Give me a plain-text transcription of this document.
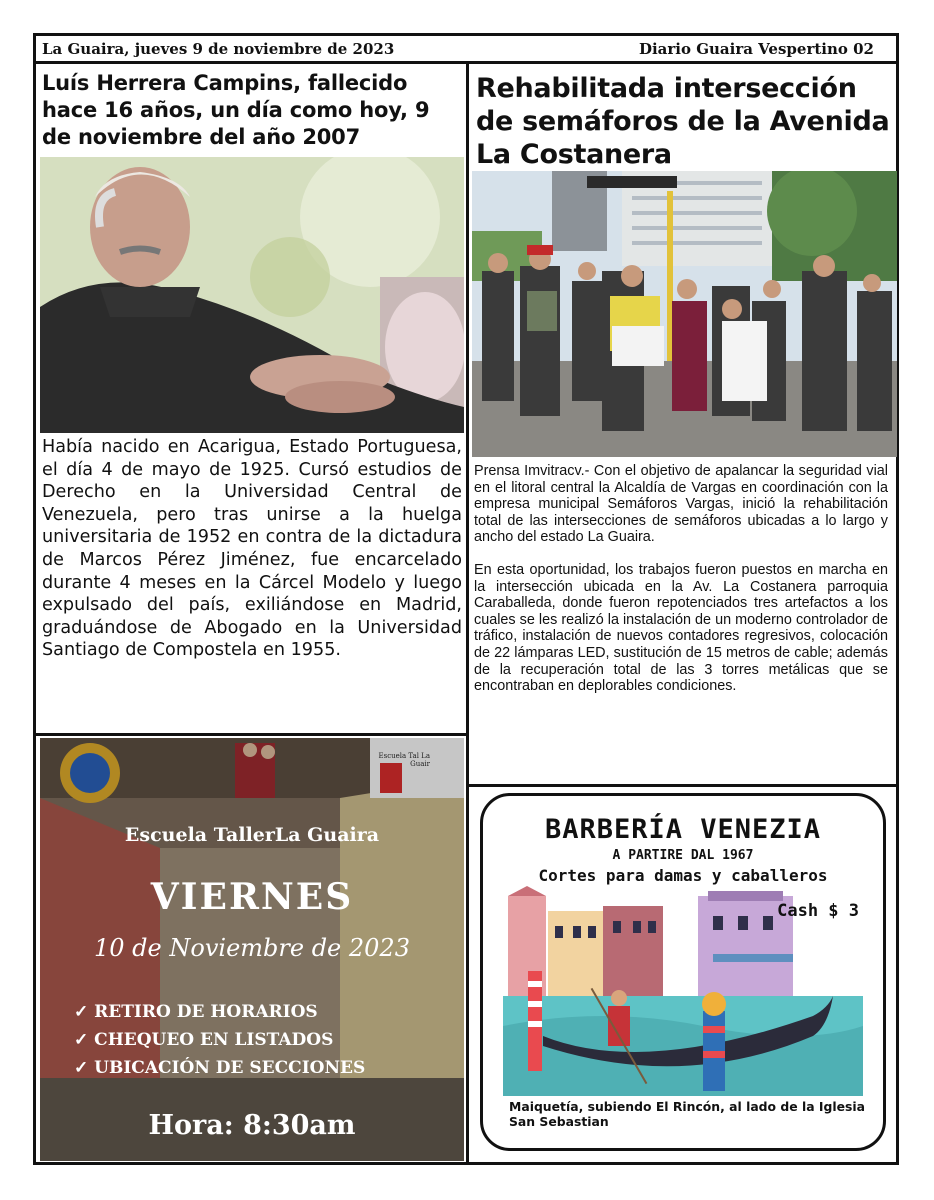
La Guaira, jueves 9 de noviembre de 2023	Diario Guaira Vespertino 02
Luís Herrera Campins, fallecido hace 16 años, un día como hoy, 9 de noviembre del año 2007
Había nacido en Acarigua, Estado Portuguesa, el día 4 de mayo de 1925. Cursó estudios de Derecho en la Universidad Central de Venezuela, pero tras unirse a la huelga universitaria de 1952 en contra de la dictadura de Marcos Pérez Jiménez, fue encarcelado durante 4 meses en la Cárcel Modelo y luego expulsado del país, exiliándose en Madrid, graduándose de Abogado en la Universidad Santiago de Compostela en 1955.
Rehabilitada intersección de semáforos de la Avenida La Costanera

Prensa Imvitracv.- Con el objetivo de apalancar la seguridad vial en el litoral central la Alcaldía de Vargas en coordinación con la empresa municipal Semáforos Vargas, inició la rehabilitación total de las intersecciones de semáforos ubicadas a lo largo y ancho del estado La Guaira.

En esta oportunidad, los trabajos fueron puestos en marcha en la intersección ubicada en la Av. La Costanera parroquia Caraballeda, donde fueron repotenciados tres artefactos a los cuales se les realizó la instalación de un moderno controlador de tráfico, instalación de nuevos contadores regresivos, colocación de 22 lámparas LED, sustitución de 15 metros de cable; además de la recuperación total de las 3 torres metálicas que se encontraban en deplorables condiciones.

Escuela Tal La Guair
Escuela TallerLa Guaira
VIERNES
10 de Noviembre de 2023
✓ RETIRO DE HORARIOS
✓ CHEQUEO EN LISTADOS
✓ UBICACIÓN DE SECCIONES
Hora: 8:30am
BARBERÍA VENEZIA
A PARTIRE DAL 1967
Cortes para damas y caballeros
Cash $ 3
Maiquetía, subiendo El Rincón, al lado de la Iglesia San Sebastian
